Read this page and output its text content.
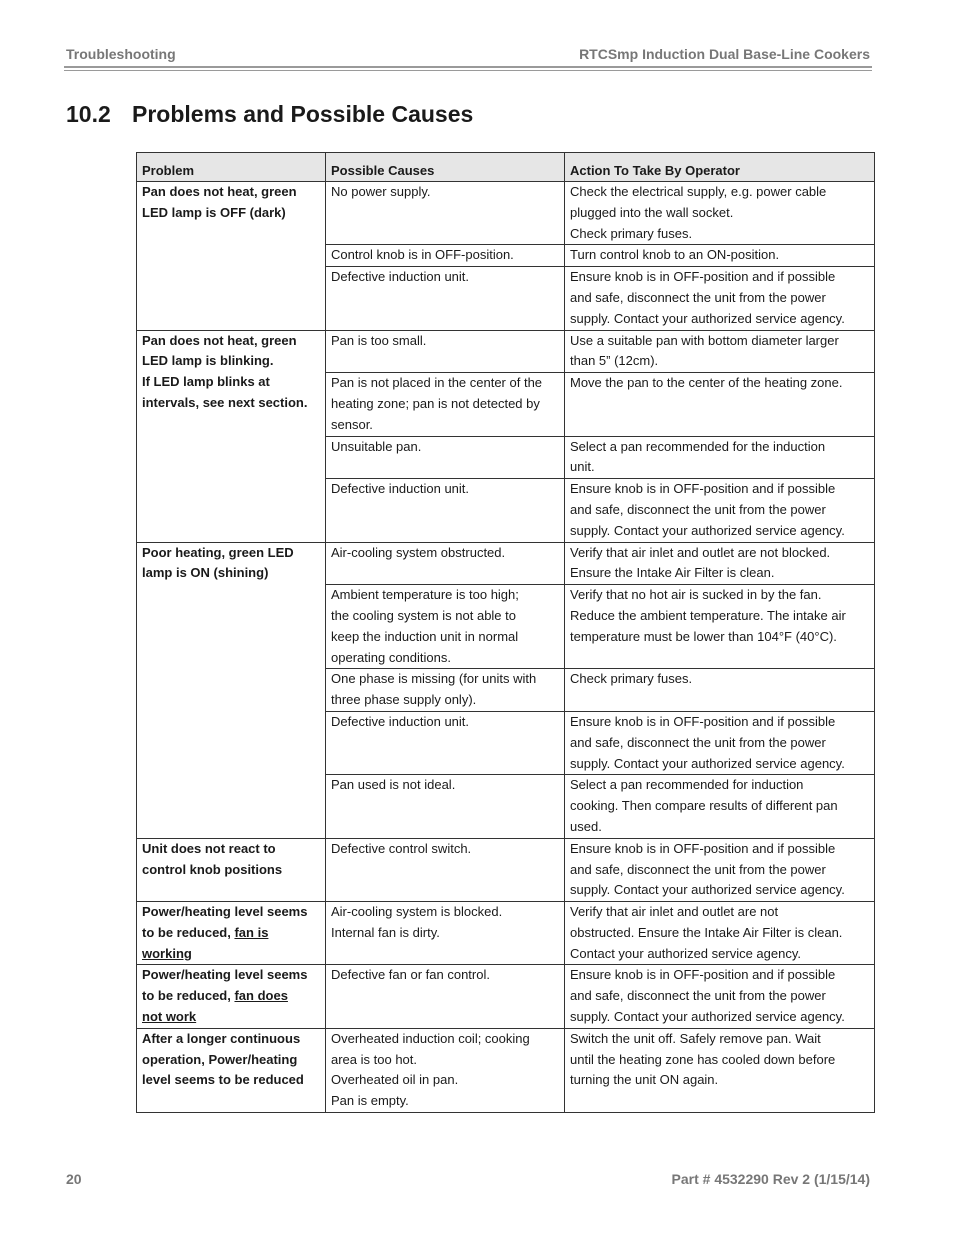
Troubleshooting	RTCSmp Induction Dual Base-Line Cookers
10.2 Problems and Possible Causes
Problem	Possible Causes	Action To Take By Operator

Pan does not heat, green
LED lamp is OFF (dark)	No power supply.	Check the electrical supply, e.g. power cable
plugged into the wall socket.
Check primary fuses.

	Control knob is in OFF-position.	Turn control knob to an ON-position.

	Defective induction unit.	Ensure knob is in OFF-position and if possible
and safe, disconnect the unit from the power
supply. Contact your authorized service agency.

Pan does not heat, green
LED lamp is blinking.
If LED lamp blinks at
intervals, see next section.	Pan is too small.	Use a suitable pan with bottom diameter larger
than 5” (12cm).

	Pan is not placed in the center of the
heating zone; pan is not detected by
sensor.	Move the pan to the center of the heating zone.

	Unsuitable pan.	Select a pan recommended for the induction
unit.

	Defective induction unit.	Ensure knob is in OFF-position and if possible
and safe, disconnect the unit from the power
supply. Contact your authorized service agency.

Poor heating, green LED
lamp is ON (shining)	Air-cooling system obstructed.	Verify that air inlet and outlet are not blocked.
Ensure the Intake Air Filter is clean.

	Ambient temperature is too high;
the cooling system is not able to
keep the induction unit in normal
operating conditions.	Verify that no hot air is sucked in by the fan.
Reduce the ambient temperature. The intake air
temperature must be lower than 104°F (40°C).

	One phase is missing (for units with
three phase supply only).	Check primary fuses.

	Defective induction unit.	Ensure knob is in OFF-position and if possible
and safe, disconnect the unit from the power
supply. Contact your authorized service agency.

	Pan used is not ideal.	Select a pan recommended for induction
cooking. Then compare results of different pan
used.

Unit does not react to
control knob positions	Defective control switch.	Ensure knob is in OFF-position and if possible
and safe, disconnect the unit from the power
supply. Contact your authorized service agency.

Power/heating level seems
to be reduced, fan is
working	Air-cooling system is blocked.
Internal fan is dirty.	Verify that air inlet and outlet are not
obstructed. Ensure the Intake Air Filter is clean.
Contact your authorized service agency.

Power/heating level seems
to be reduced, fan does
not work	Defective fan or fan control.	Ensure knob is in OFF-position and if possible
and safe, disconnect the unit from the power
supply. Contact your authorized service agency.

After a longer continuous
operation, Power/heating
level seems to be reduced	Overheated induction coil; cooking
area is too hot.
Overheated oil in pan.
Pan is empty.	Switch the unit off. Safely remove pan. Wait
until the heating zone has cooled down before
turning the unit ON again.
20	Part # 4532290 Rev 2 (1/15/14)
